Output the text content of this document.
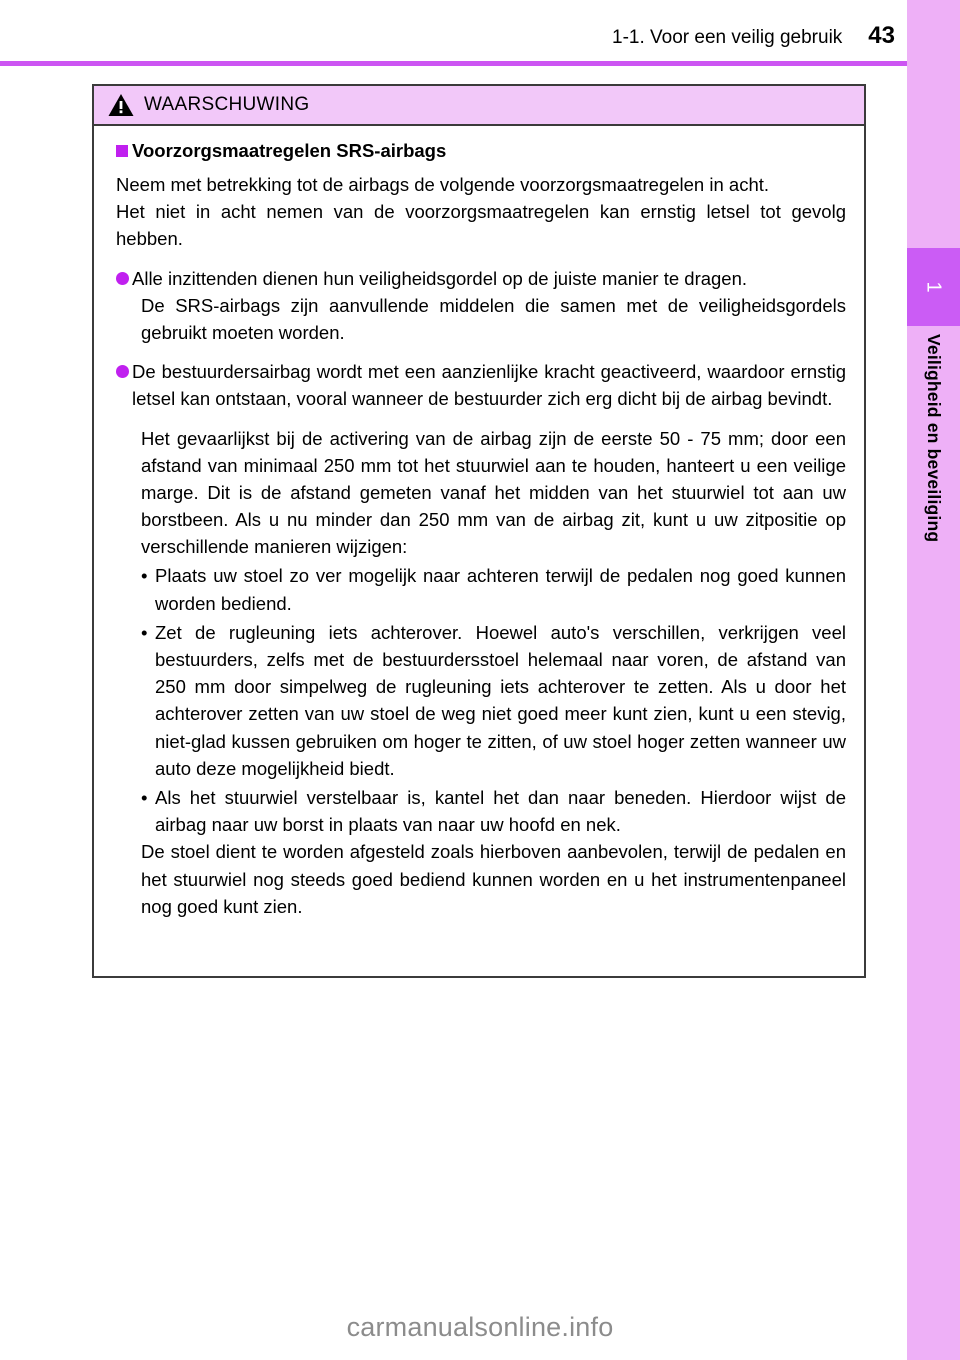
1-1. Voor een veilig gebruik 43
1
Veiligheid en beveiliging
WAARSCHUWING
Voorzorgsmaatregelen SRS-airbags

Neem met betrekking tot de airbags de volgende voorzorgsmaatregelen in acht.

Het niet in acht nemen van de voorzorgsmaatregelen kan ernstig letsel tot gevolg hebben.

Alle inzittenden dienen hun veiligheidsgordel op de juiste manier te dragen.

De SRS-airbags zijn aanvullende middelen die samen met de veiligheidsgordels gebruikt moeten worden.

De bestuurdersairbag wordt met een aanzienlijke kracht geactiveerd, waardoor ernstig letsel kan ontstaan, vooral wanneer de bestuurder zich erg dicht bij de airbag bevindt.

Het gevaarlijkst bij de activering van de airbag zijn de eerste 50 - 75 mm; door een afstand van minimaal 250 mm tot het stuurwiel aan te houden, hanteert u een veilige marge. Dit is de afstand gemeten vanaf het midden van het stuurwiel tot aan uw borstbeen. Als u nu minder dan 250 mm van de airbag zit, kunt u uw zitpositie op verschillende manieren wijzigen:

• Plaats uw stoel zo ver mogelijk naar achteren terwijl de pedalen nog goed kunnen worden bediend.

• Zet de rugleuning iets achterover. Hoewel auto's verschillen, verkrijgen veel bestuurders, zelfs met de bestuurdersstoel helemaal naar voren, de afstand van 250 mm door simpelweg de rugleuning iets achterover te zetten. Als u door het achterover zetten van uw stoel de weg niet goed meer kunt zien, kunt u een stevig, niet-glad kussen gebruiken om hoger te zitten, of uw stoel hoger zetten wanneer uw auto deze mogelijkheid biedt.

• Als het stuurwiel verstelbaar is, kantel het dan naar beneden. Hierdoor wijst de airbag naar uw borst in plaats van naar uw hoofd en nek.

De stoel dient te worden afgesteld zoals hierboven aanbevolen, terwijl de pedalen en het stuurwiel nog steeds goed bediend kunnen worden en u het instrumentenpaneel nog goed kunt zien.

carmanualsonline.info
